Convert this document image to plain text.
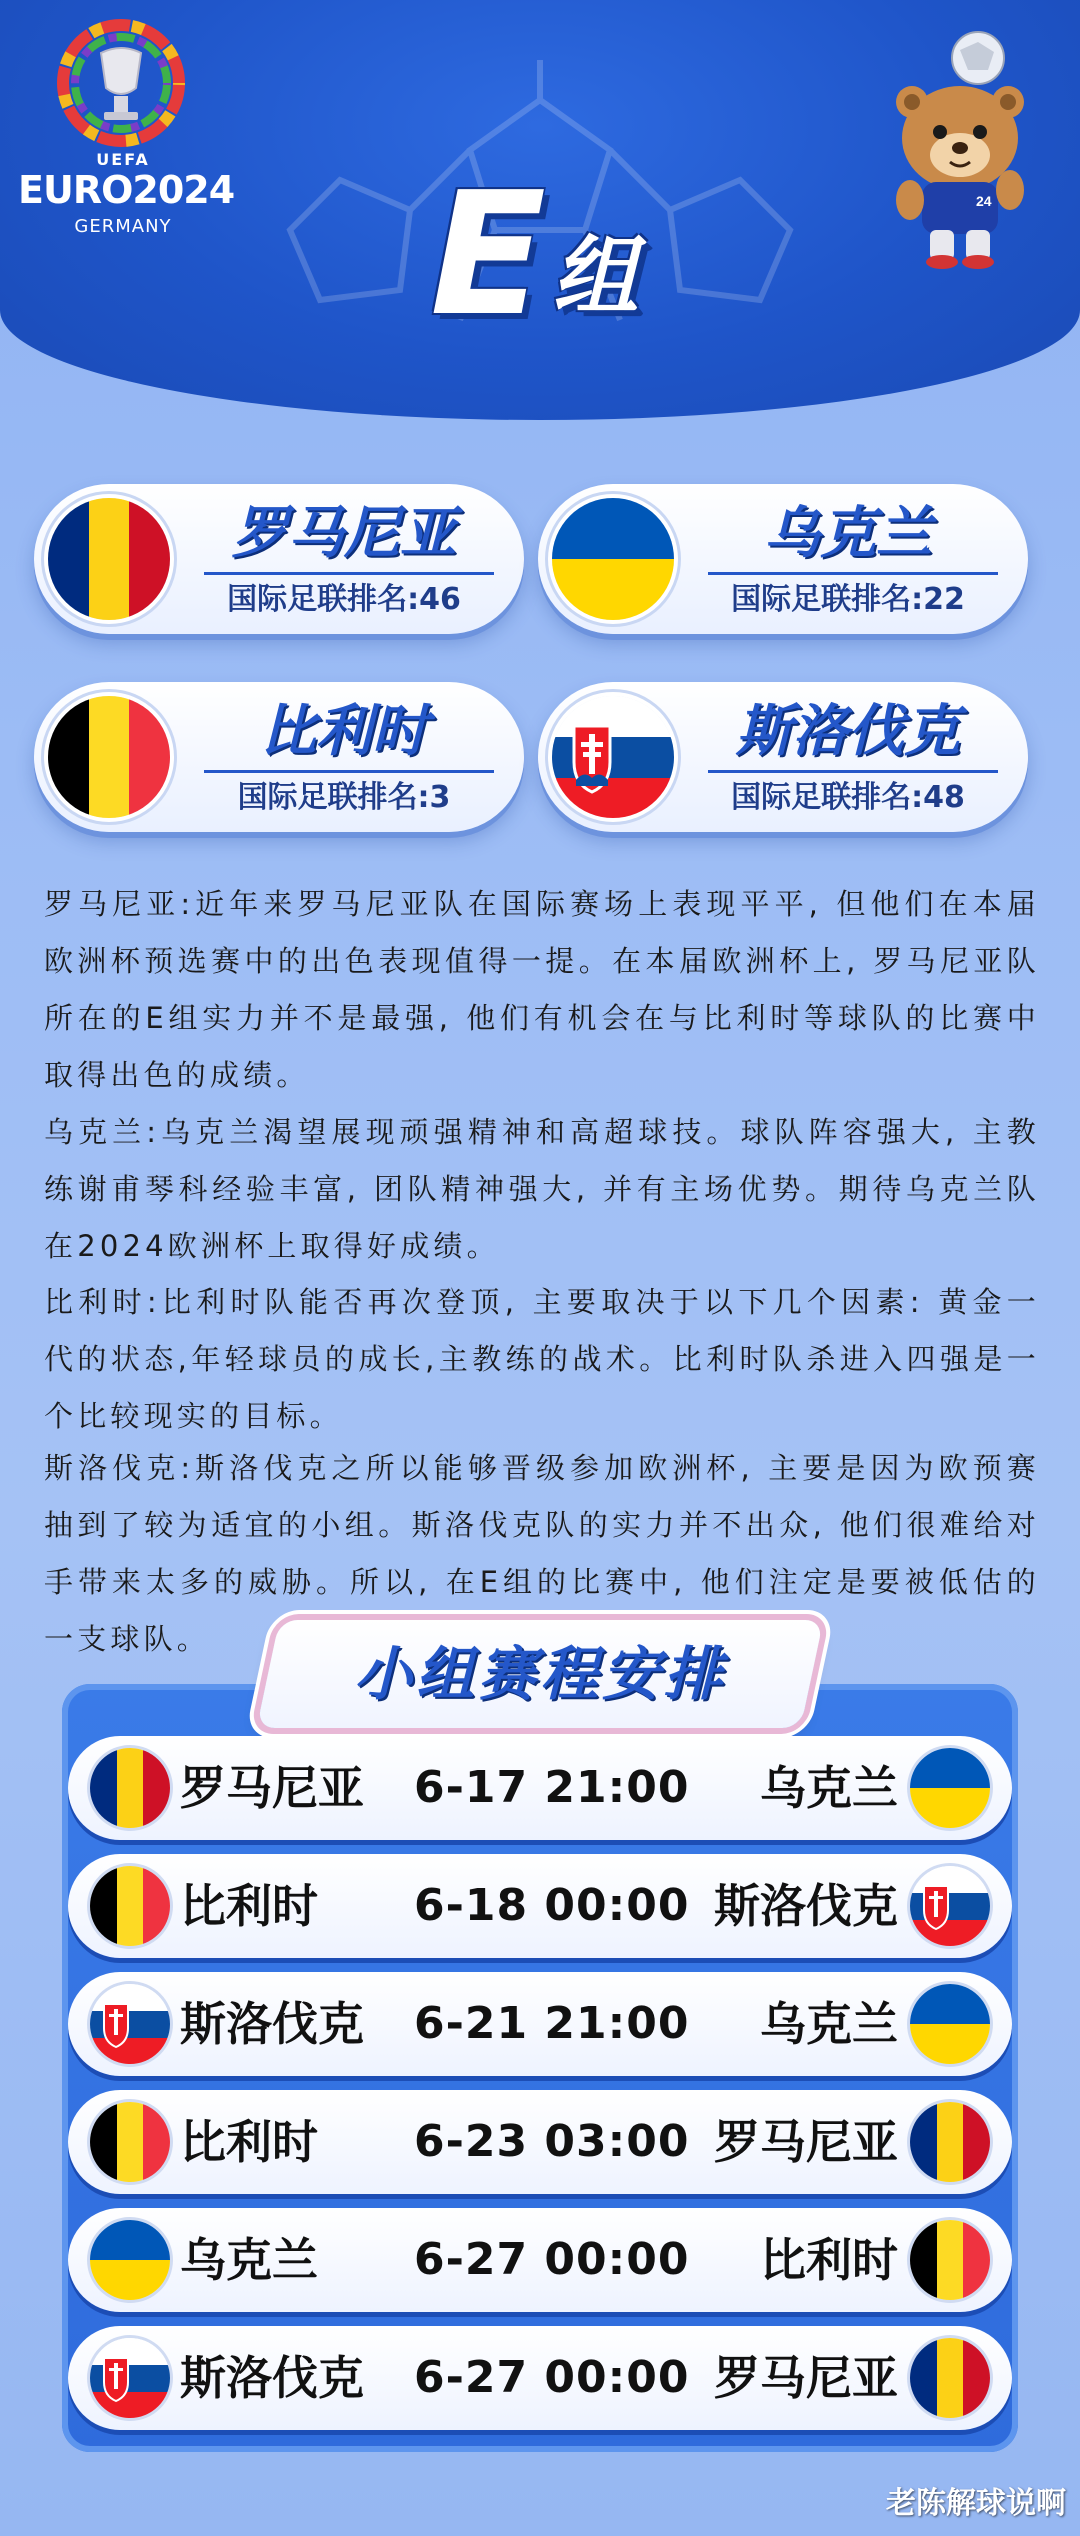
UEFA
EURO2024
GERMANY	E 组
24
罗马尼亚
国际足联排名:46
乌克兰
国际足联排名:22
比利时
国际足联排名:3
斯洛伐克
国际足联排名:48
罗马尼亚:近年来罗马尼亚队在国际赛场上表现平平, 但他们在本届欧洲杯预选赛中的出色表现值得一提。在本届欧洲杯上, 罗马尼亚队所在的E组实力并不是最强, 他们有机会在与比利时等球队的比赛中取得出色的成绩。
乌克兰:乌克兰渴望展现顽强精神和高超球技。球队阵容强大, 主教练谢甫琴科经验丰富, 团队精神强大, 并有主场优势。期待乌克兰队在2024欧洲杯上取得好成绩。
比利时:比利时队能否再次登顶, 主要取决于以下几个因素: 黄金一代的状态,年轻球员的成长,主教练的战术。比利时队杀进入四强是一个比较现实的目标。
斯洛伐克:斯洛伐克之所以能够晋级参加欧洲杯, 主要是因为欧预赛抽到了较为适宜的小组。斯洛伐克队的实力并不出众, 他们很难给对手带来太多的威胁。所以, 在E组的比赛中, 他们注定是要被低估的一支球队。
小组赛程安排
罗马尼亚 6-17 21:00 乌克兰
比利时 6-18 00:00 斯洛伐克
斯洛伐克 6-21 21:00 乌克兰
比利时 6-23 03:00 罗马尼亚
乌克兰 6-27 00:00 比利时
斯洛伐克 6-27 00:00 罗马尼亚
老陈解球说啊
